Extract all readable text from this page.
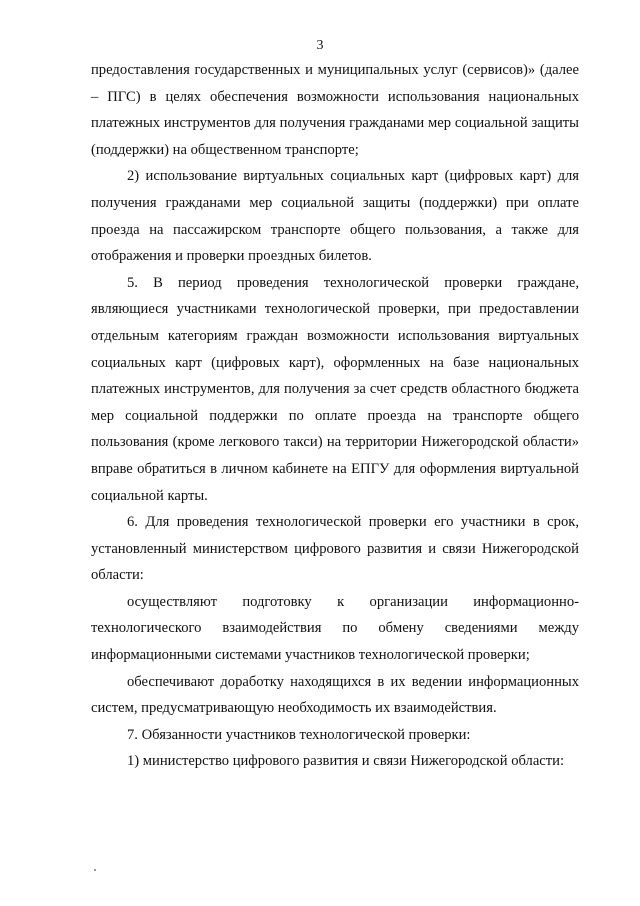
3

предоставления государственных и муниципальных услуг (сервисов)» (далее – ПГС) в целях обеспечения возможности использования национальных платежных инструментов для получения гражданами мер социальной защиты (поддержки) на общественном транспорте;

2) использование виртуальных социальных карт (цифровых карт) для получения гражданами мер социальной защиты (поддержки) при оплате проезда на пассажирском транспорте общего пользования, а также для отображения и проверки проездных билетов.

5. В период проведения технологической проверки граждане, являющиеся участниками технологической проверки, при предоставлении отдельным категориям граждан возможности использования виртуальных социальных карт (цифровых карт), оформленных на базе национальных платежных инструментов, для получения за счет средств областного бюджета мер социальной поддержки по оплате проезда на транспорте общего пользования (кроме легкового такси) на территории Нижегородской области» вправе обратиться в личном кабинете на ЕПГУ для оформления виртуальной социальной карты.

6. Для проведения технологической проверки его участники в срок, установленный министерством цифрового развития и связи Нижегородской области:

осуществляют подготовку к организации информационно-технологического взаимодействия по обмену сведениями между информационными системами участников технологической проверки;

обеспечивают доработку находящихся в их ведении информационных систем, предусматривающую необходимость их взаимодействия.

7. Обязанности участников технологической проверки:

1) министерство цифрового развития и связи Нижегородской области:
